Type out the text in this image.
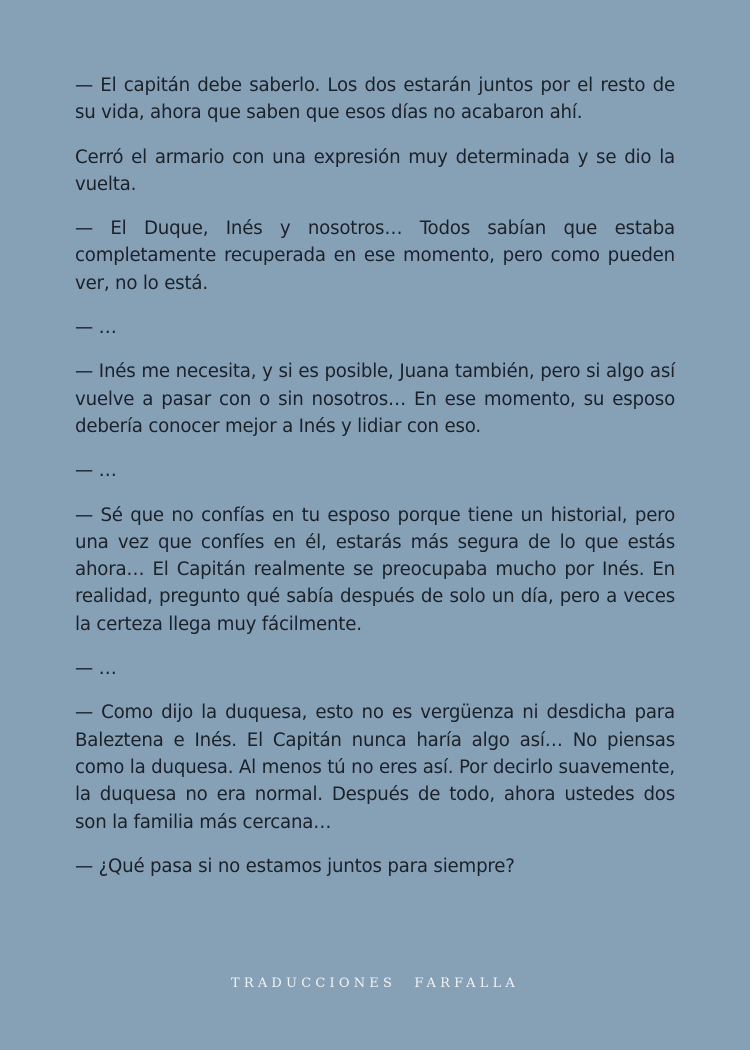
— El capitán debe saberlo. Los dos estarán juntos por el resto de su vida, ahora que saben que esos días no acabaron ahí.

Cerró el armario con una expresión muy determinada y se dio la vuelta.

— El Duque, Inés y nosotros… Todos sabían que estaba completamente recuperada en ese momento, pero como pueden ver, no lo está.

— …

— Inés me necesita, y si es posible, Juana también, pero si algo así vuelve a pasar con o sin nosotros… En ese momento, su esposo debería conocer mejor a Inés y lidiar con eso.

— …

— Sé que no confías en tu esposo porque tiene un historial, pero una vez que confíes en él, estarás más segura de lo que estás ahora… El Capitán realmente se preocupaba mucho por Inés. En realidad, pregunto qué sabía después de solo un día, pero a veces la certeza llega muy fácilmente.

— …

— Como dijo la duquesa, esto no es vergüenza ni desdicha para Baleztena e Inés. El Capitán nunca haría algo así… No piensas como la duquesa. Al menos tú no eres así. Por decirlo suavemente, la duquesa no era normal. Después de todo, ahora ustedes dos son la familia más cercana…

— ¿Qué pasa si no estamos juntos para siempre?

TRADUCCIONES FARFALLA
